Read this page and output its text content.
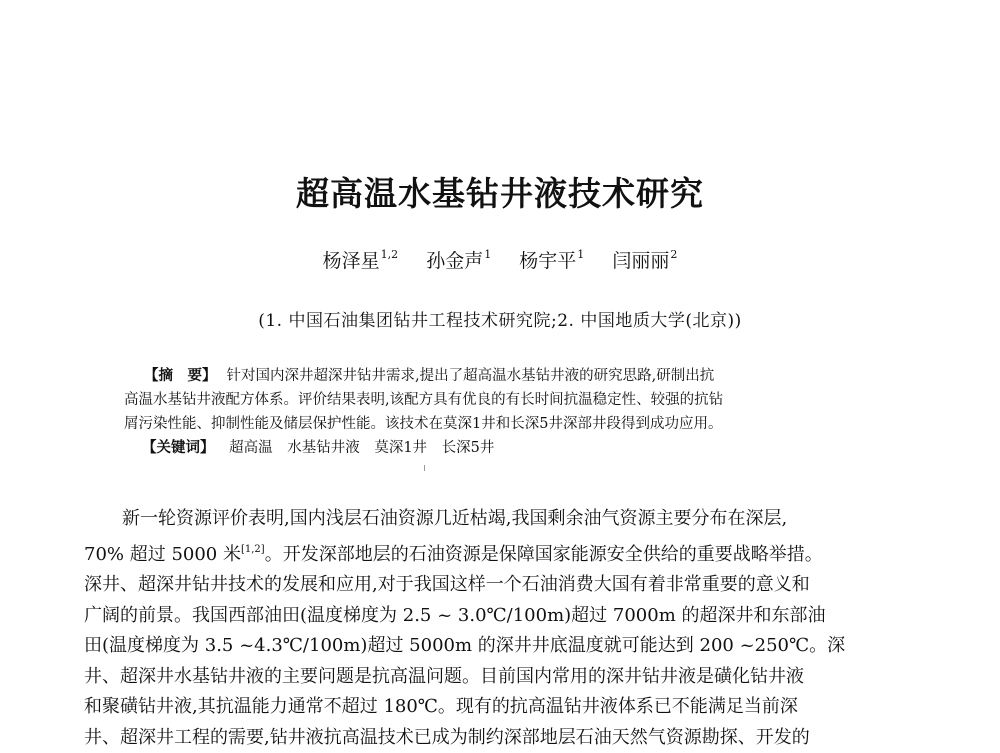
超高温水基钻井液技术研究
杨泽星$^{1,2}$ 孙金声$^1$ 杨宇平$^1$ 闫丽丽$^2$
(1. 中国石油集团钻井工程技术研究院;2. 中国地质大学(北京))
【摘　要】 针对国内深井超深井钻井需求,提出了超高温水基钻井液的研究思路,研制出抗
高温水基钻井液配方体系。评价结果表明,该配方具有优良的有长时间抗温稳定性、较强的抗钻
屑污染性能、抑制性能及储层保护性能。该技术在莫深1井和长深5井深部井段得到成功应用。
【关键词】 超高温 水基钻井液 莫深1井 长深5井
新一轮资源评价表明,国内浅层石油资源几近枯竭,我国剩余油气资源主要分布在深层,
70% 超过 5000 米[1,2]。开发深部地层的石油资源是保障国家能源安全供给的重要战略举措。
深井、超深井钻井技术的发展和应用,对于我国这样一个石油消费大国有着非常重要的意义和
广阔的前景。我国西部油田(温度梯度为 2.5 ~ 3.0℃/100m)超过 7000m 的超深井和东部油
田(温度梯度为 3.5 ~4.3℃/100m)超过 5000m 的深井井底温度就可能达到 200 ~250℃。深
井、超深井水基钻井液的主要问题是抗高温问题。目前国内常用的深井钻井液是磺化钻井液
和聚磺钻井液,其抗温能力通常不超过 180℃。现有的抗高温钻井液体系已不能满足当前深
井、超深井工程的需要,钻井液抗高温技术已成为制约深部地层石油天然气资源勘探、开发的
